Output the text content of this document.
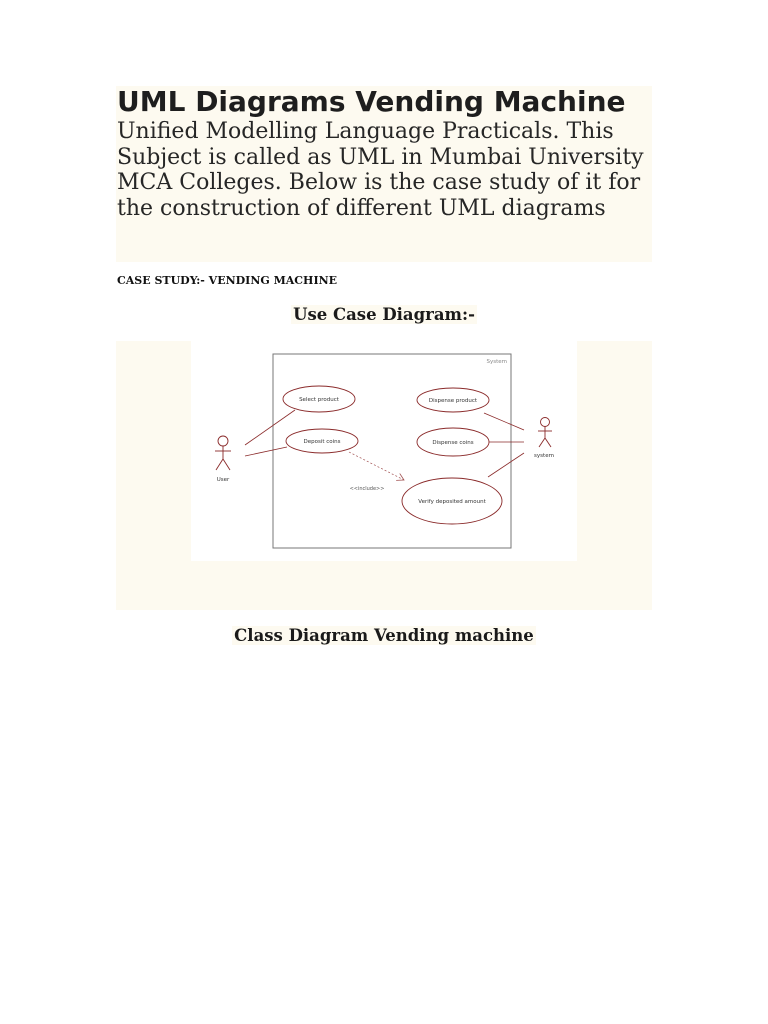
UML Diagrams Vending Machine

Unified Modelling Language Practicals. This Subject is called as UML in Mumbai University MCA Colleges. Below is the case study of it for the construction of different UML diagrams

CASE STUDY:- VENDING MACHINE

Use Case Diagram:-
System
User
system
Select product
Deposit coins
Dispense product
Dispense coins
Verify deposited amount
<<include>>
Class Diagram Vending machine
